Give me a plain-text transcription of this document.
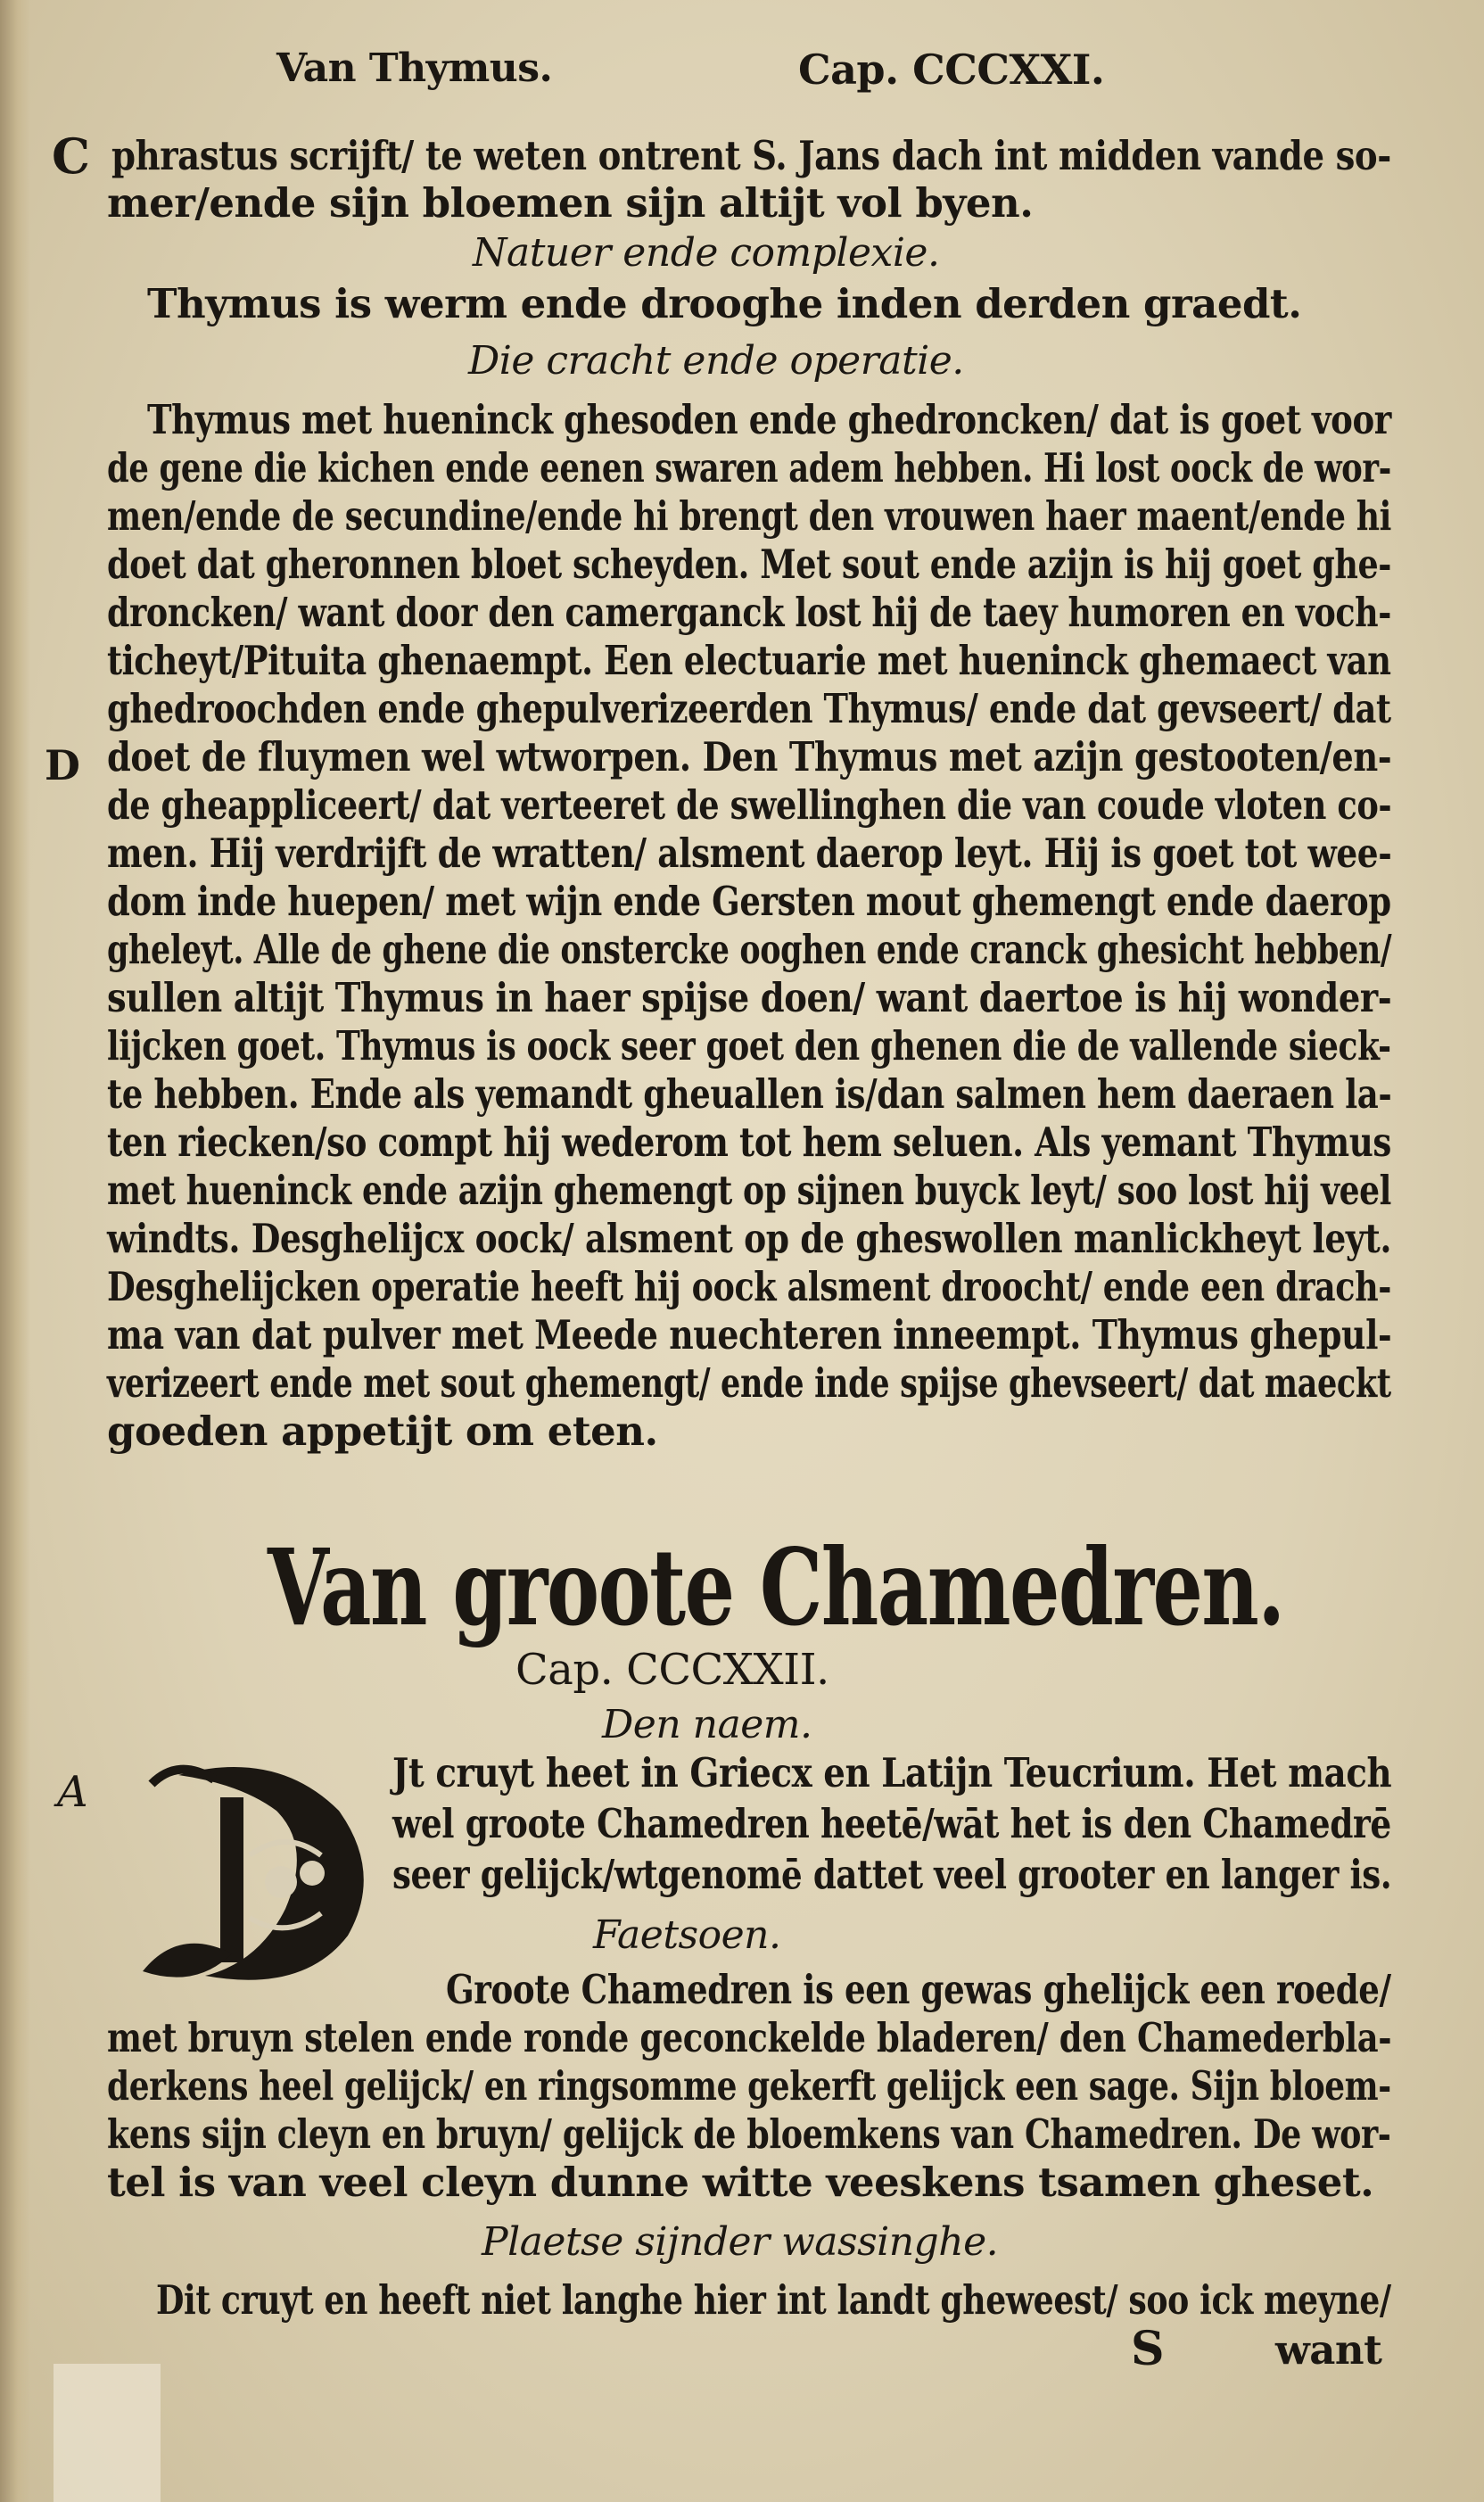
Van Thymus.	Cap. CCCXXI.
C
D
A
phrastus scrijft/ te weten ontrent S. Jans dach int midden vande so-
mer/ende sijn bloemen sijn altijt vol byen.
Natuer ende complexie.
Thymus is werm ende drooghe inden derden graedt.
Die cracht ende operatie.
Thymus met hueninck ghesoden ende ghedroncken/ dat is goet voor
de gene die kichen ende eenen swaren adem hebben. Hi lost oock de wor-
men/ende de secundine/ende hi brengt den vrouwen haer maent/ende hi
doet dat gheronnen bloet scheyden. Met sout ende azijn is hij goet ghe-
droncken/ want door den camerganck lost hij de taey humoren en voch-
ticheyt/Pituita ghenaempt. Een electuarie met hueninck ghemaect van
ghedroochden ende ghepulverizeerden Thymus/ ende dat gevseert/ dat
doet de fluymen wel wtworpen. Den Thymus met azijn gestooten/en-
de gheappliceert/ dat verteeret de swellinghen die van coude vloten co-
men. Hij verdrijft de wratten/ alsment daerop leyt. Hij is goet tot wee-
dom inde huepen/ met wijn ende Gersten mout ghemengt ende daerop
gheleyt. Alle de ghene die onstercke ooghen ende cranck ghesicht hebben/
sullen altijt Thymus in haer spijse doen/ want daertoe is hij wonder-
lijcken goet. Thymus is oock seer goet den ghenen die de vallende sieck-
te hebben. Ende als yemandt gheuallen is/dan salmen hem daeraen la-
ten riecken/so compt hij wederom tot hem seluen. Als yemant Thymus
met hueninck ende azijn ghemengt op sijnen buyck leyt/ soo lost hij veel
windts. Desghelijcx oock/ alsment op de gheswollen manlickheyt leyt.
Desghelijcken operatie heeft hij oock alsment droocht/ ende een drach-
ma van dat pulver met Meede nuechteren inneempt. Thymus ghepul-
verizeert ende met sout ghemengt/ ende inde spijse ghevseert/ dat maeckt
goeden appetijt om eten.
Van groote Chamedren.
Cap. CCCXXII.
Den naem.
Jt cruyt heet in Griecx en Latijn Teucrium. Het mach
wel groote Chamedren heetē/wāt het is den Chamedrē
seer gelijck/wtgenomē dattet veel grooter en langer is.
Faetsoen.
Groote Chamedren is een gewas ghelijck een roede/
met bruyn stelen ende ronde geconckelde bladeren/ den Chamederbla-
derkens heel gelijck/ en ringsomme gekerft gelijck een sage. Sijn bloem-
kens sijn cleyn en bruyn/ gelijck de bloemkens van Chamedren. De wor-
tel is van veel cleyn dunne witte veeskens tsamen gheset.
Plaetse sijnder wassinghe.
Dit cruyt en heeft niet langhe hier int landt gheweest/ soo ick meyne/
S	want
